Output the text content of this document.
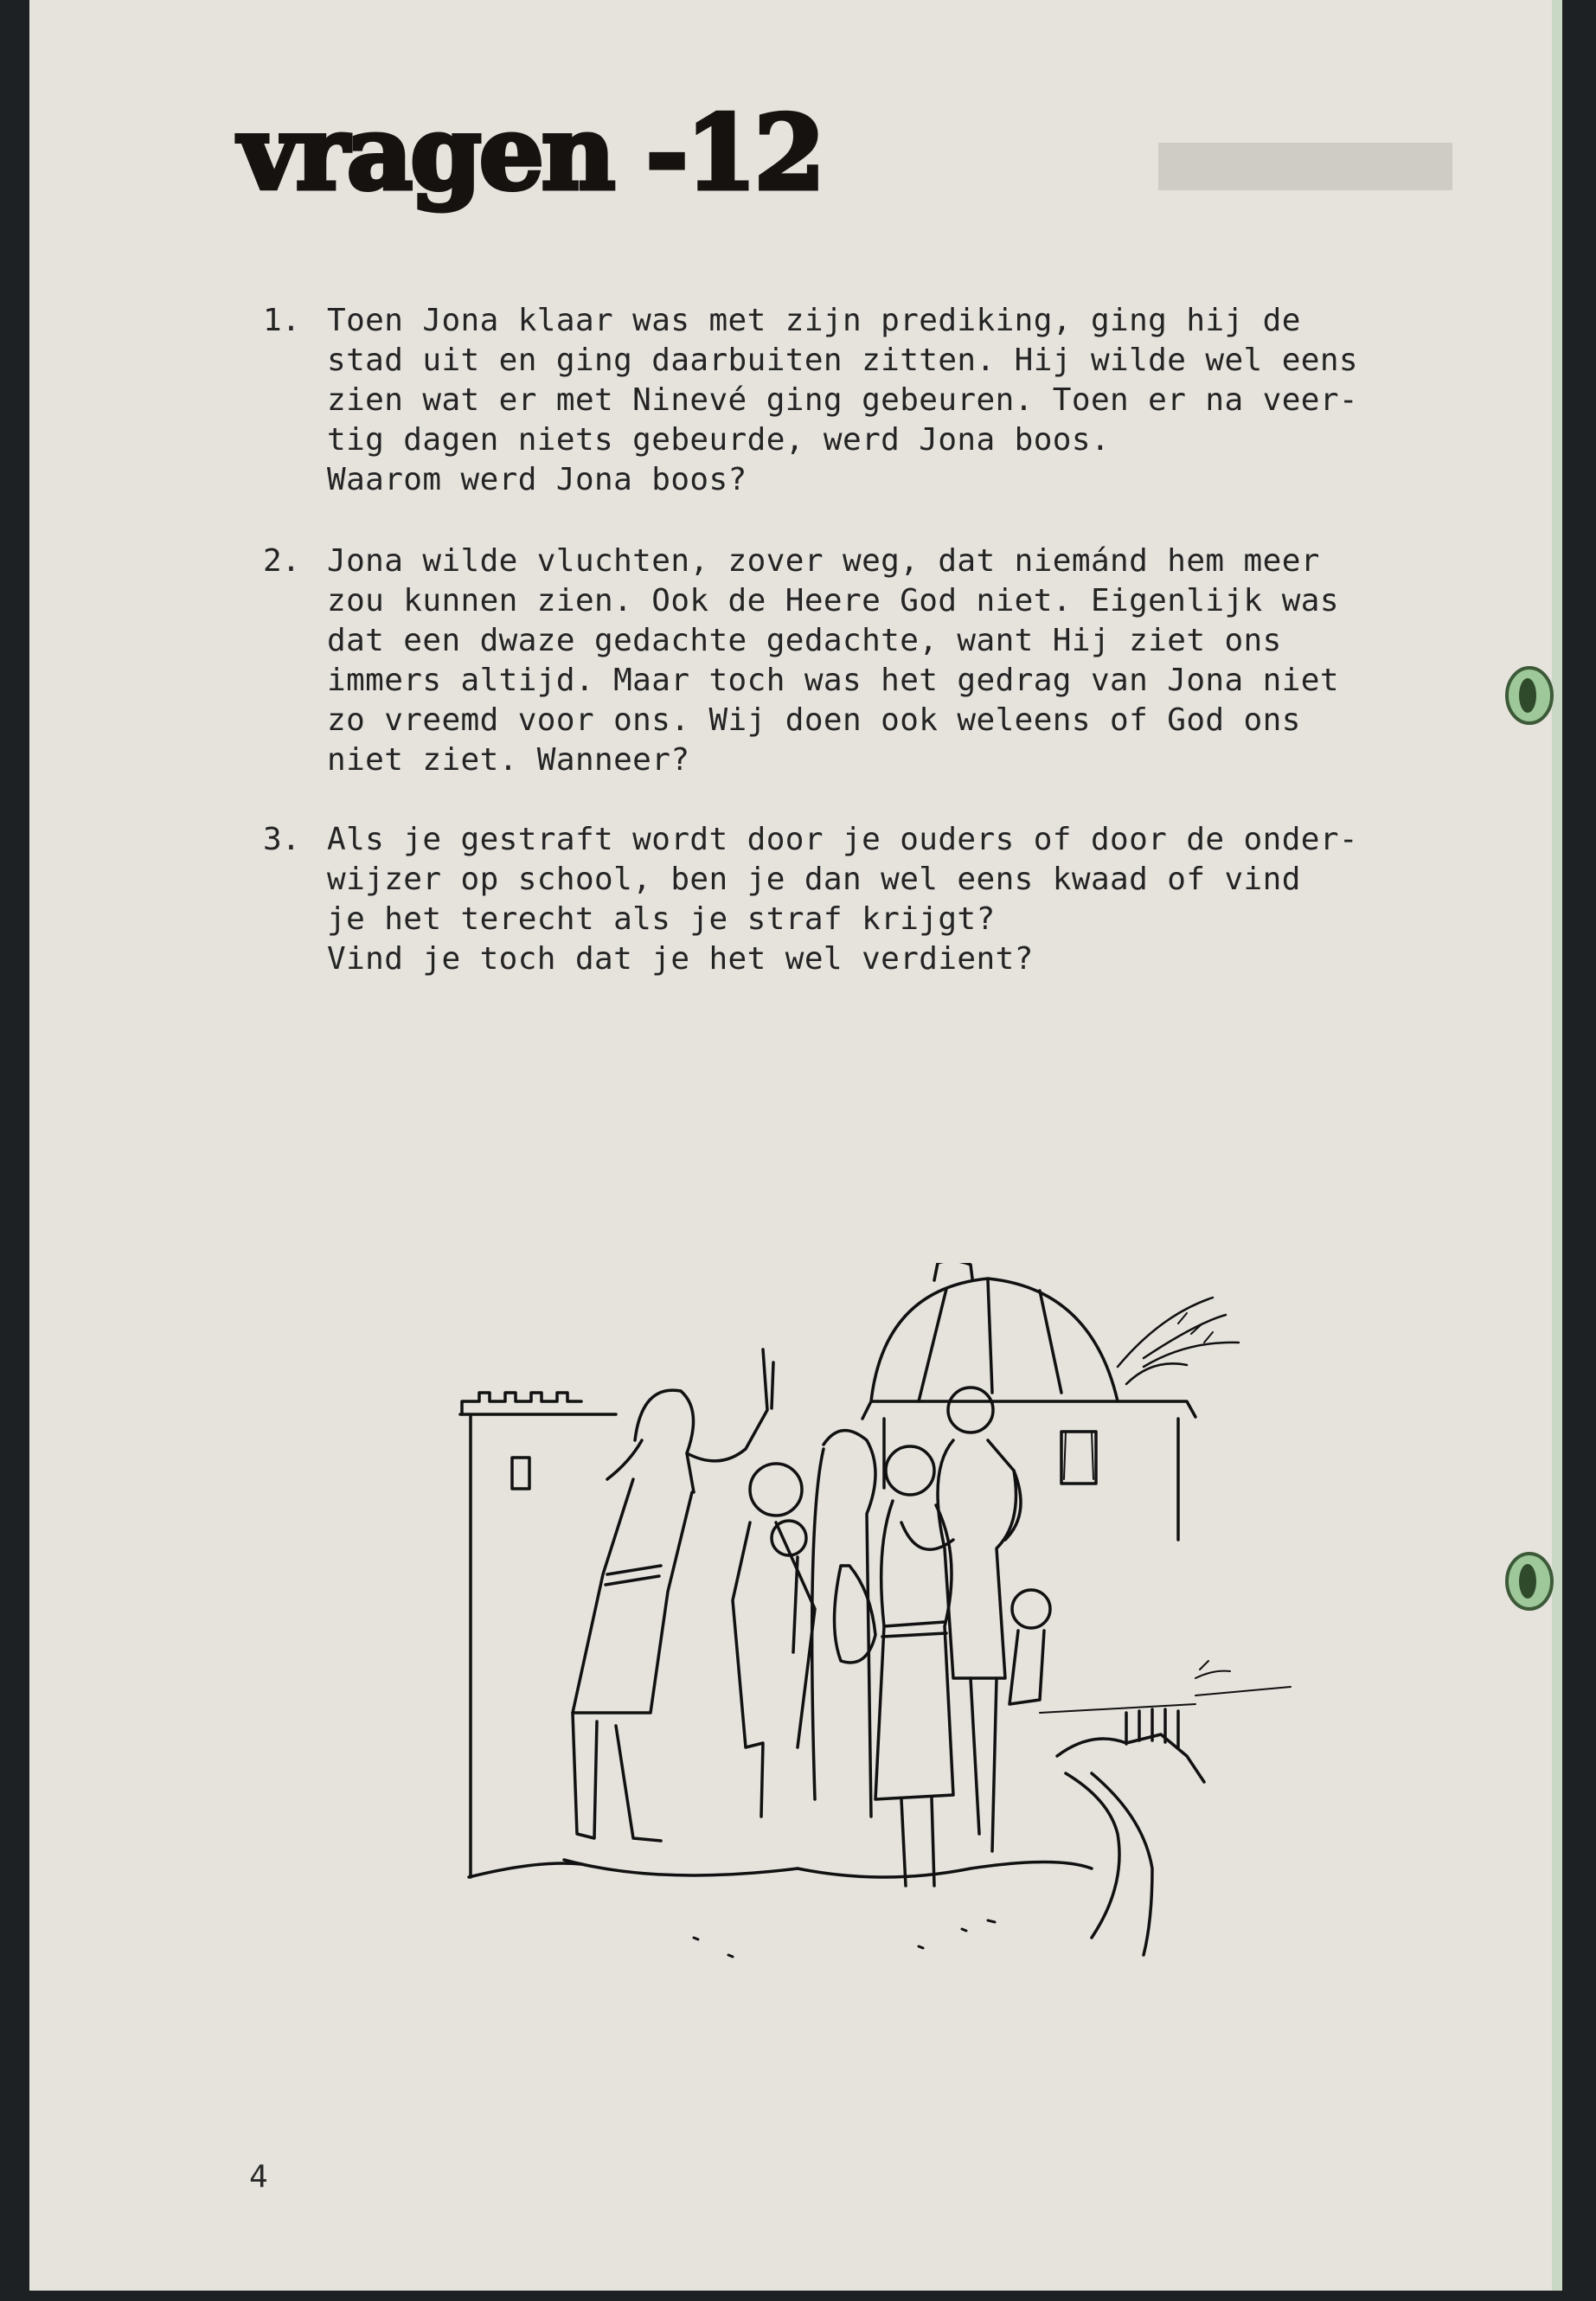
vragen -12
1. Toen Jona klaar was met zijn prediking, ging hij de
stad uit en ging daarbuiten zitten. Hij wilde wel eens
zien wat er met Ninevé ging gebeuren. Toen er na veer-
tig dagen niets gebeurde, werd Jona boos.
Waarom werd Jona boos?
2. Jona wilde vluchten, zover weg, dat niemánd hem meer
zou kunnen zien. Ook de Heere God niet. Eigenlijk was
dat een dwaze gedachte gedachte, want Hij ziet ons
immers altijd. Maar toch was het gedrag van Jona niet
zo vreemd voor ons. Wij doen ook weleens of God ons
niet ziet. Wanneer?
3. Als je gestraft wordt door je ouders of door de onder-
wijzer op school, ben je dan wel eens kwaad of vind
je het terecht als je straf krijgt?
Vind je toch dat je het wel verdient?
4
